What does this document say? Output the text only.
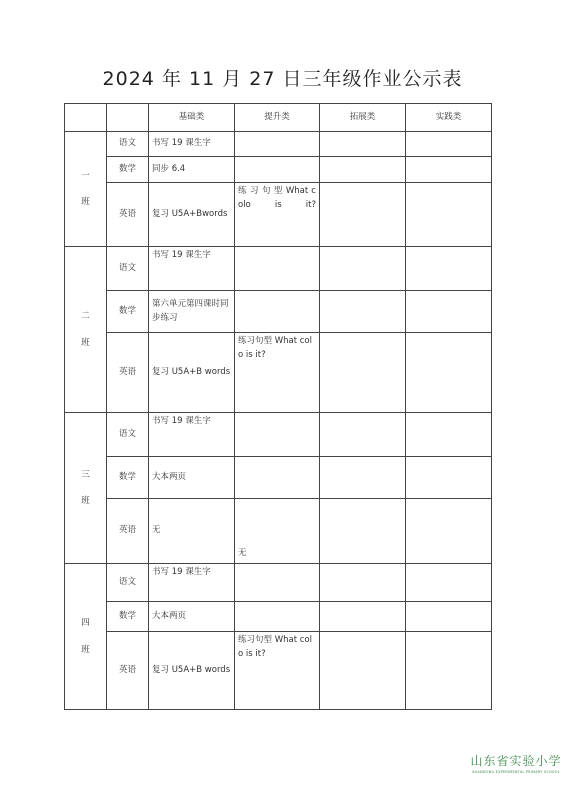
2024 年 11 月 27 日三年级作业公示表
		基础类	提升类	拓展类	实践类

一
班	语文	书写 19 课生字			
	数学	同步 6.4			
	英语	复习 U5A+Bwords	练 习 句 型 What colo is it?		

二
班	语文	书写 19 课生字			
	数学	第六单元第四课时同步练习			
	英语	复习 U5A+B words	练习句型 What colo is it?		

三
班	语文	书写 19 课生字			
	数学	大本两页			
	英语	无	无		

四
班	语文	书写 19 课生字			
	数学	大本两页			
	英语	复习 U5A+B words	练习句型 What colo is it?		
山东省实验小学
SHANDONG EXPERIMENTAL PRIMARY SCHOOL
